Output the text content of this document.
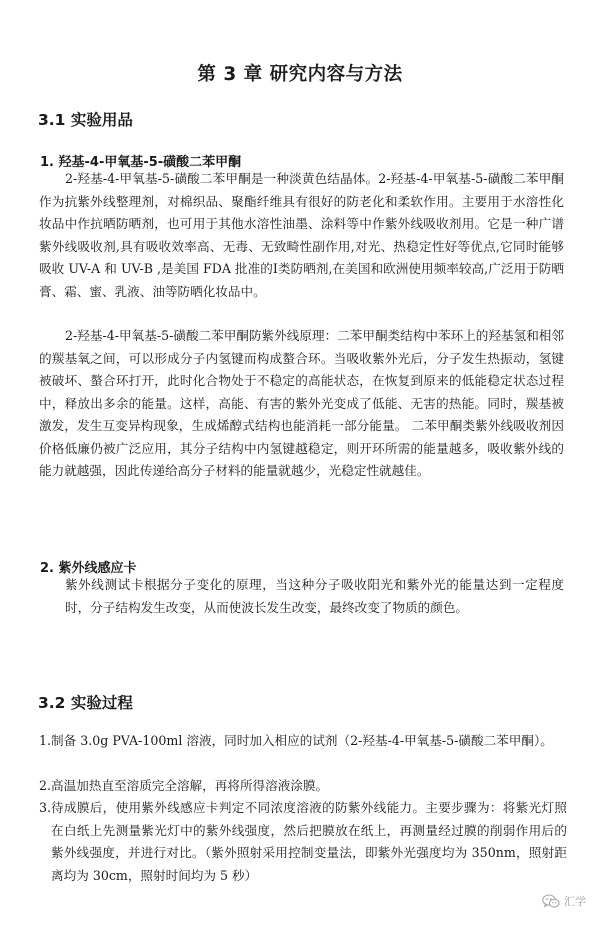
第 3 章 研究内容与方法
3.1 实验用品
1. 羟基-4-甲氧基-5-磺酸二苯甲酮

2-羟基-4-甲氧基-5-磺酸二苯甲酮是一种淡黄色结晶体。2-羟基-4-甲氧基-5-磺酸二苯甲酮作为抗紫外线整理剂，对棉织品、聚酯纤维具有很好的防老化和柔软作用。主要用于水溶性化妆品中作抗晒防晒剂，也可用于其他水溶性油墨、涂料等中作紫外线吸收剂用。它是一种广谱紫外线吸收剂,具有吸收效率高、无毒、无致畸性副作用,对光、热稳定性好等优点,它同时能够吸收 UV-A 和 UV-B ,是美国 FDA 批准的Ⅰ类防晒剂,在美国和欧洲使用频率较高,广泛用于防晒膏、霜、蜜、乳液、油等防晒化妆品中。

2-羟基-4-甲氧基-5-磺酸二苯甲酮防紫外线原理：二苯甲酮类结构中苯环上的羟基氢和相邻的羰基氧之间，可以形成分子内氢键而构成螯合环。当吸收紫外光后，分子发生热振动，氢键被破坏、螯合环打开，此时化合物处于不稳定的高能状态，在恢复到原来的低能稳定状态过程中，释放出多余的能量。这样，高能、有害的紫外光变成了低能、无害的热能。同时，羰基被激发，发生互变异构现象，生成烯醇式结构也能消耗一部分能量。 二苯甲酮类紫外线吸收剂因价格低廉仍被广泛应用，其分子结构中内氢键越稳定，则开环所需的能量越多，吸收紫外线的能力就越强，因此传递给高分子材料的能量就越少，光稳定性就越佳。

2. 紫外线感应卡

紫外线测试卡根据分子变化的原理，当这种分子吸收阳光和紫外光的能量达到一定程度时，分子结构发生改变，从而使波长发生改变，最终改变了物质的颜色。

3.2 实验过程
1. 制备 3.0g PVA-100ml 溶液，同时加入相应的试剂（2-羟基-4-甲氧基-5-磺酸二苯甲酮）。
2. 高温加热直至溶质完全溶解，再将所得溶液涂膜。
3. 待成膜后，使用紫外线感应卡判定不同浓度溶液的防紫外线能力。主要步骤为：将紫光灯照在白纸上先测量紫光灯中的紫外线强度，然后把膜放在纸上，再测量经过膜的削弱作用后的紫外线强度，并进行对比。（紫外照射采用控制变量法，即紫外光强度均为 350nm，照射距离均为 30cm，照射时间均为 5 秒）
汇学
